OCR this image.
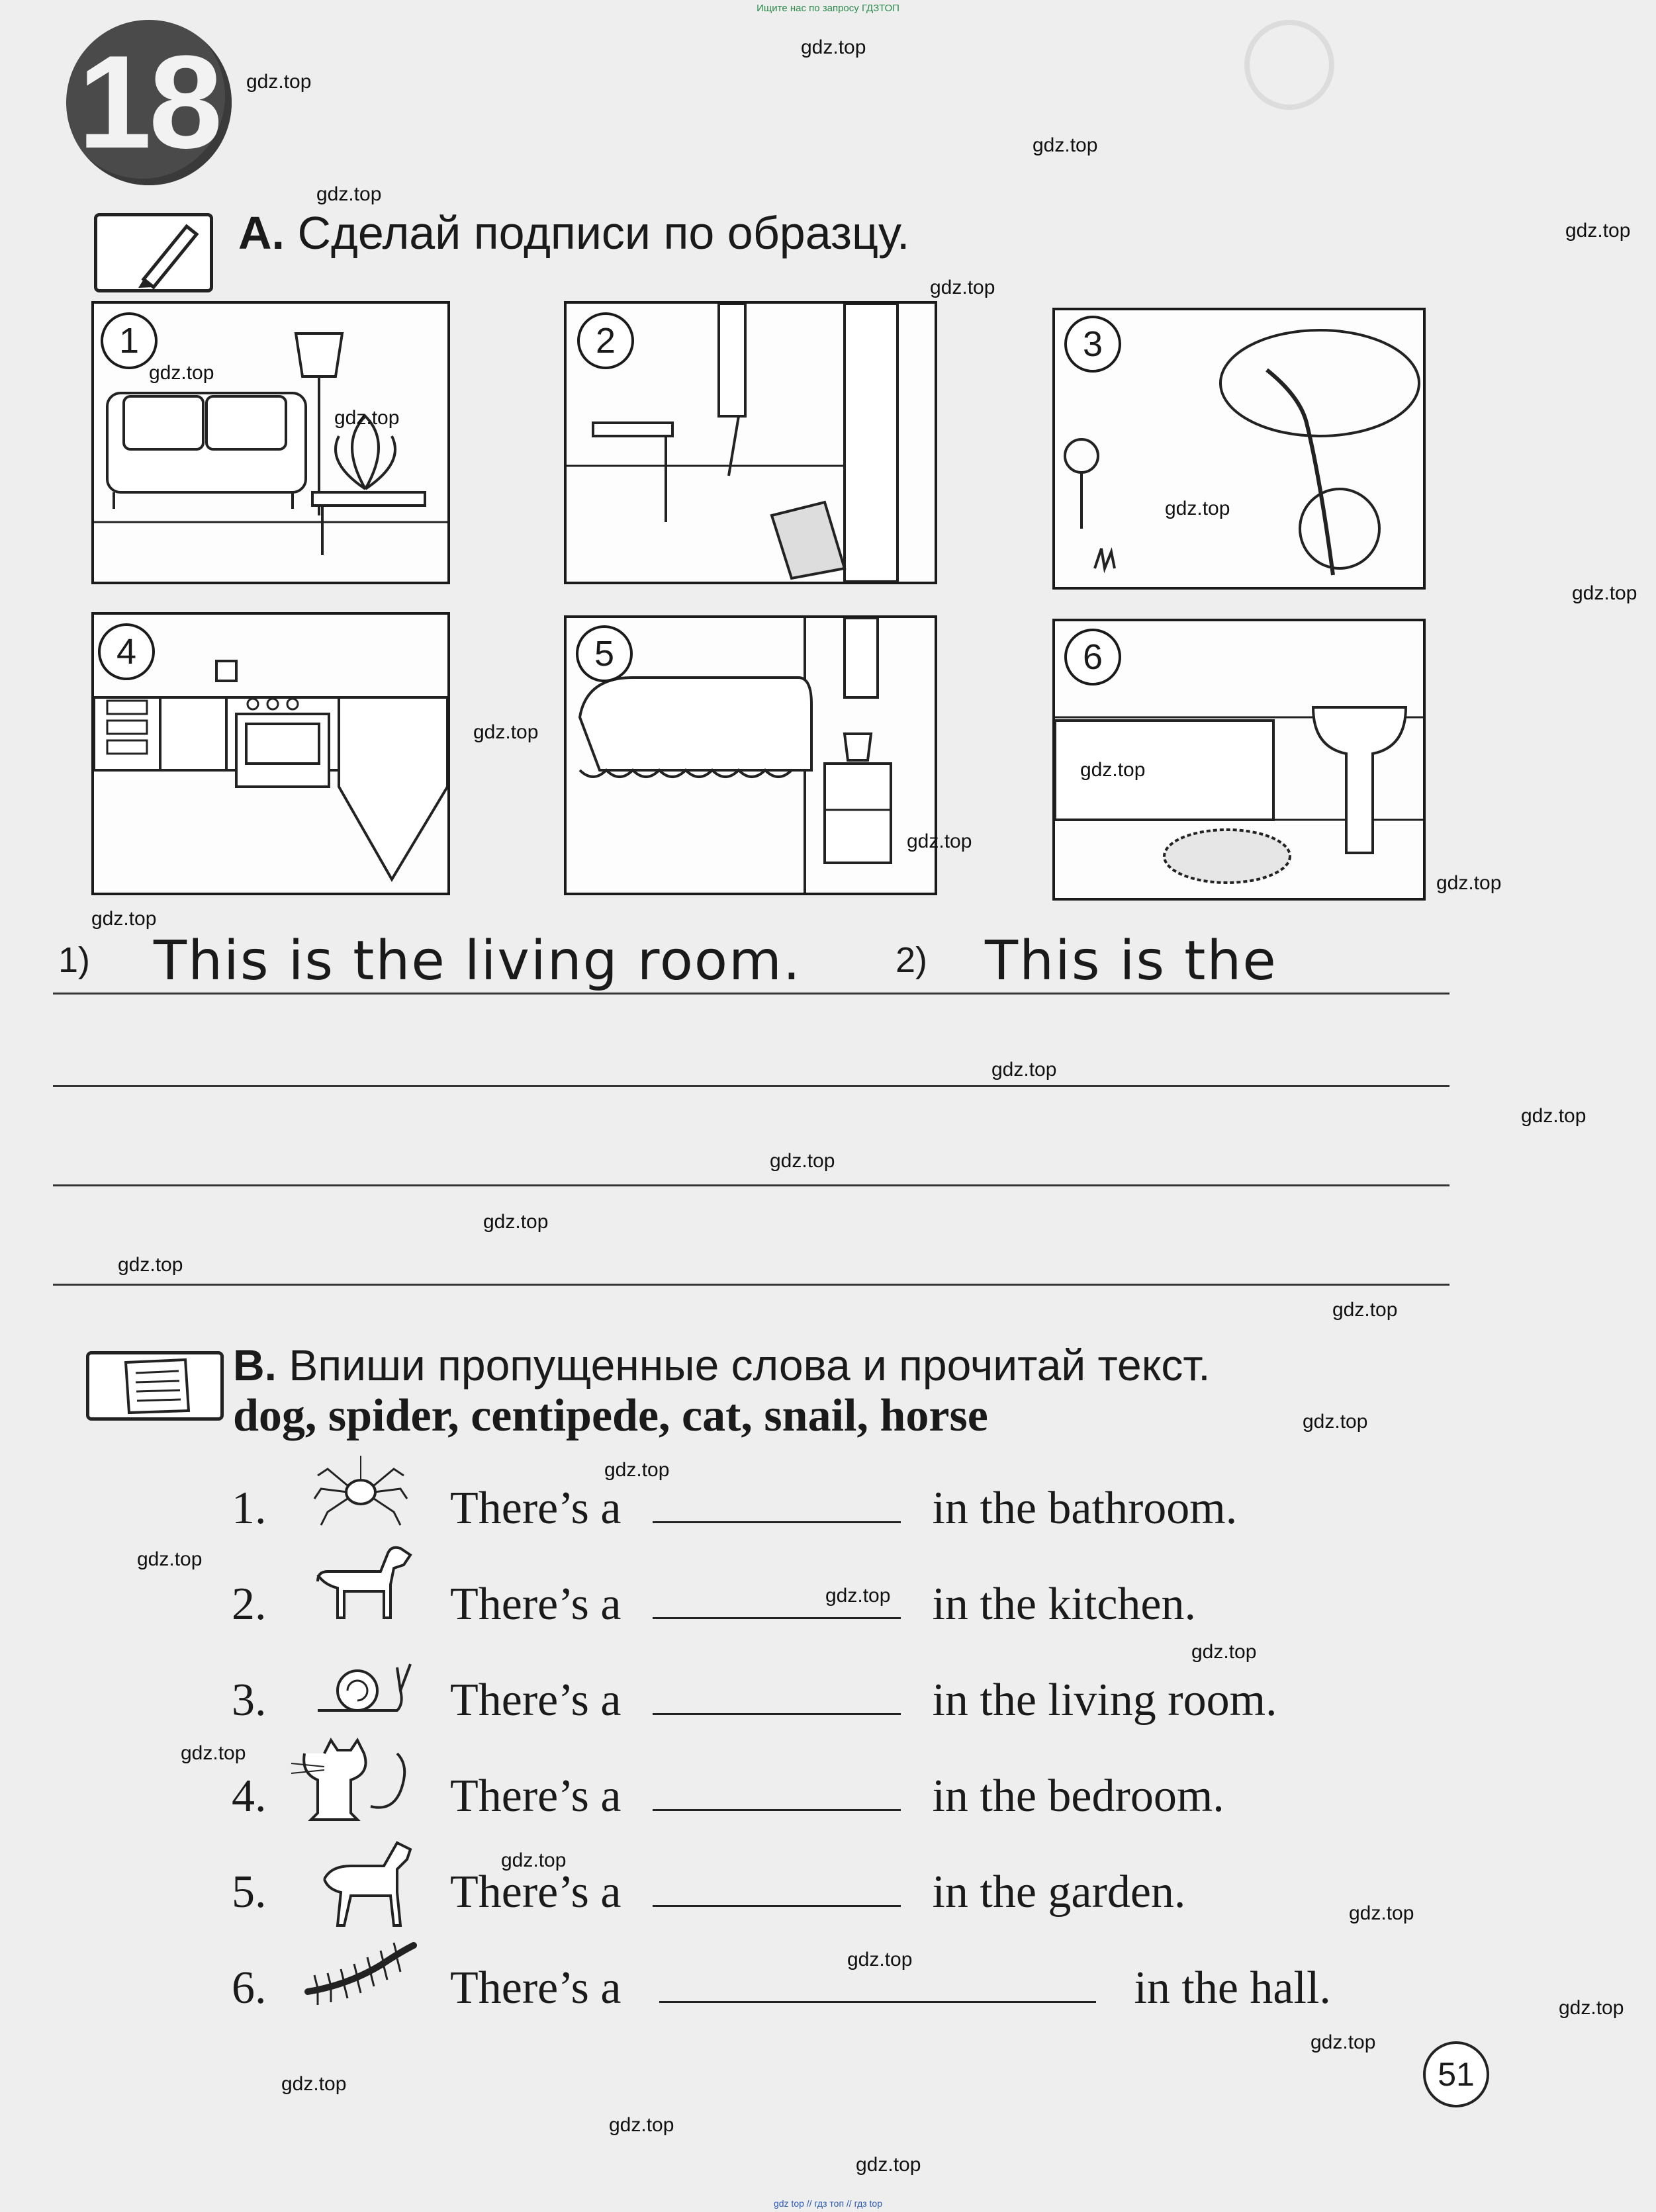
Ищите нас по запросу ГДЗТОП
18
A. Сделай подписи по образцу.
1	2	3
4	5	6
1) This is the living room.	2) This is the
B. Впиши пропущенные слова и прочитай текст.
dog, spider, centipede, cat, snail, horse
1.	There’s a	in the bathroom.
2.	There’s a	in the kitchen.
3.	There’s a	in the living room.
4.	There’s a	in the bedroom.
5.	There’s a	in the garden.
6.	There’s a	in the hall.
51
gdz.top
gdz.top
gdz.top
gdz.top
gdz.top
gdz.top
gdz.top
gdz.top
gdz.top
gdz.top
gdz.top
gdz.top
gdz.top
gdz.top
gdz.top
gdz.top
gdz.top
gdz.top
gdz.top
gdz.top
gdz.top
gdz.top
gdz.top
gdz.top
gdz.top
gdz.top
gdz.top
gdz.top
gdz.top
gdz.top
gdz.top
gdz.top
gdz.top
gdz.top
gdz.top
gdz top // гдз топ // гдз top
